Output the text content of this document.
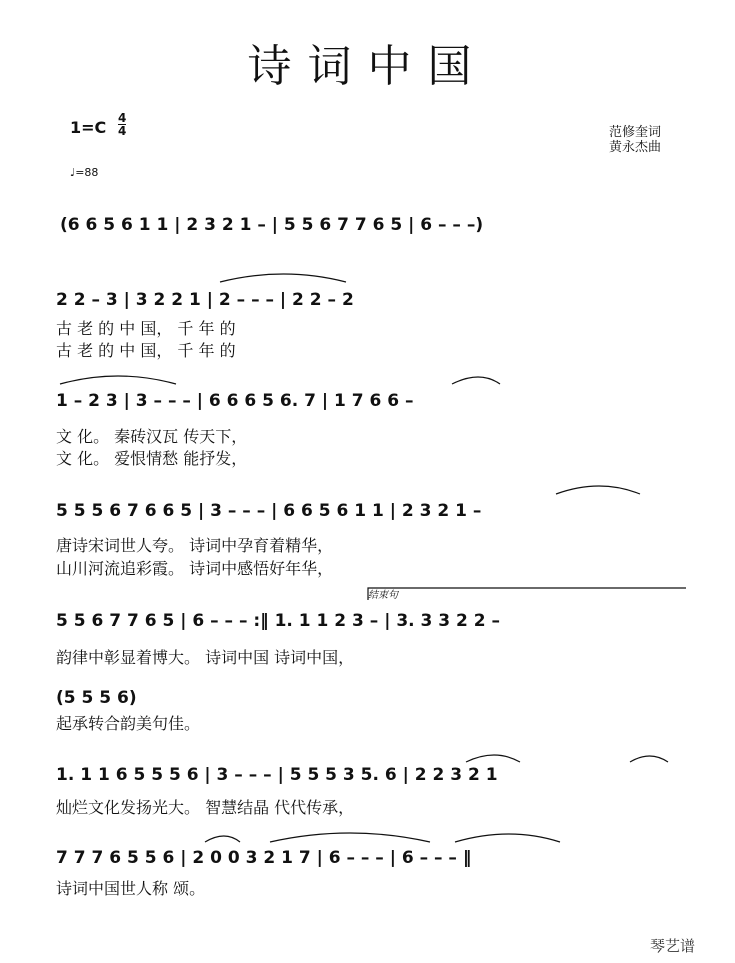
诗词中国
1=C 4
4
♩=88
范修奎词
黄永杰曲
(6 6 5 6 1 1 | 2 3 2 1 – | 5 5 6 7 7 6 5 | 6 – – –)
2 2 – 3 | 3 2 2 1 | 2 – – – | 2 2 – 2
古 老 的 中 国， 千 年 的
古 老 的 中 国， 千 年 的
1 – 2 3 | 3 – – – | 6 6 6 5 6. 7 | 1 7 6 6 –
文 化。 秦砖汉瓦 传天下，
文 化。 爱恨情愁 能抒发，
5 5 5 6 7 6 6 5 | 3 – – – | 6 6 5 6 1 1 | 2 3 2 1 –
唐诗宋词世人夸。 诗词中孕育着精华，
山川河流追彩霞。 诗词中感悟好年华，
结束句
5 5 6 7 7 6 5 | 6 – – – :‖ 1. 1 1 2 3 – | 3. 3 3 2 2 –
韵律中彰显着博大。 诗词中国 诗词中国，
(5 5 5 6)
起承转合韵美句佳。
1. 1 1 6 5 5 5 6 | 3 – – – | 5 5 5 3 5. 6 | 2 2 3 2 1
灿烂文化发扬光大。 智慧结晶 代代传承，
7 7 7 6 5 5 6 | 2 0 0 3 2 1 7 | 6 – – – | 6 – – – ‖
诗词中国世人称 颂。
琴艺谱
